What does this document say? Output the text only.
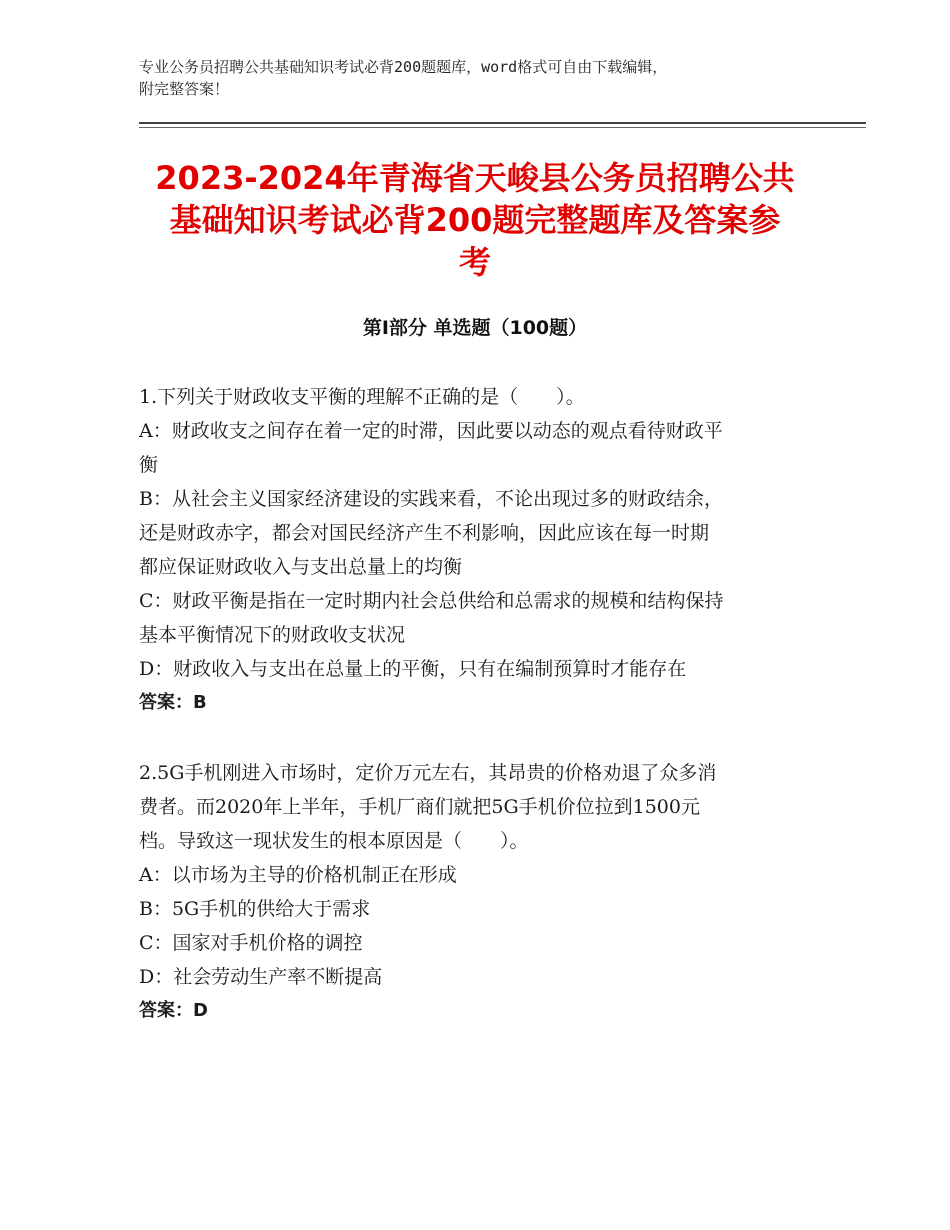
专业公务员招聘公共基础知识考试必背200题题库，word格式可自由下载编辑，
附完整答案！
2023-2024年青海省天峻县公务员招聘公共
基础知识考试必背200题完整题库及答案参
考
第I部分 单选题（100题）

1.下列关于财政收支平衡的理解不正确的是（　　）。

A：财政收支之间存在着一定的时滞，因此要以动态的观点看待财政平

衡

B：从社会主义国家经济建设的实践来看，不论出现过多的财政结余，

还是财政赤字，都会对国民经济产生不利影响，因此应该在每一时期

都应保证财政收入与支出总量上的均衡

C：财政平衡是指在一定时期内社会总供给和总需求的规模和结构保持

基本平衡情况下的财政收支状况

D：财政收入与支出在总量上的平衡，只有在编制预算时才能存在

答案：B

2.5G手机刚进入市场时，定价万元左右，其昂贵的价格劝退了众多消

费者。而2020年上半年，手机厂商们就把5G手机价位拉到1500元

档。导致这一现状发生的根本原因是（　　）。

A：以市场为主导的价格机制正在形成

B：5G手机的供给大于需求

C：国家对手机价格的调控

D：社会劳动生产率不断提高

答案：D
